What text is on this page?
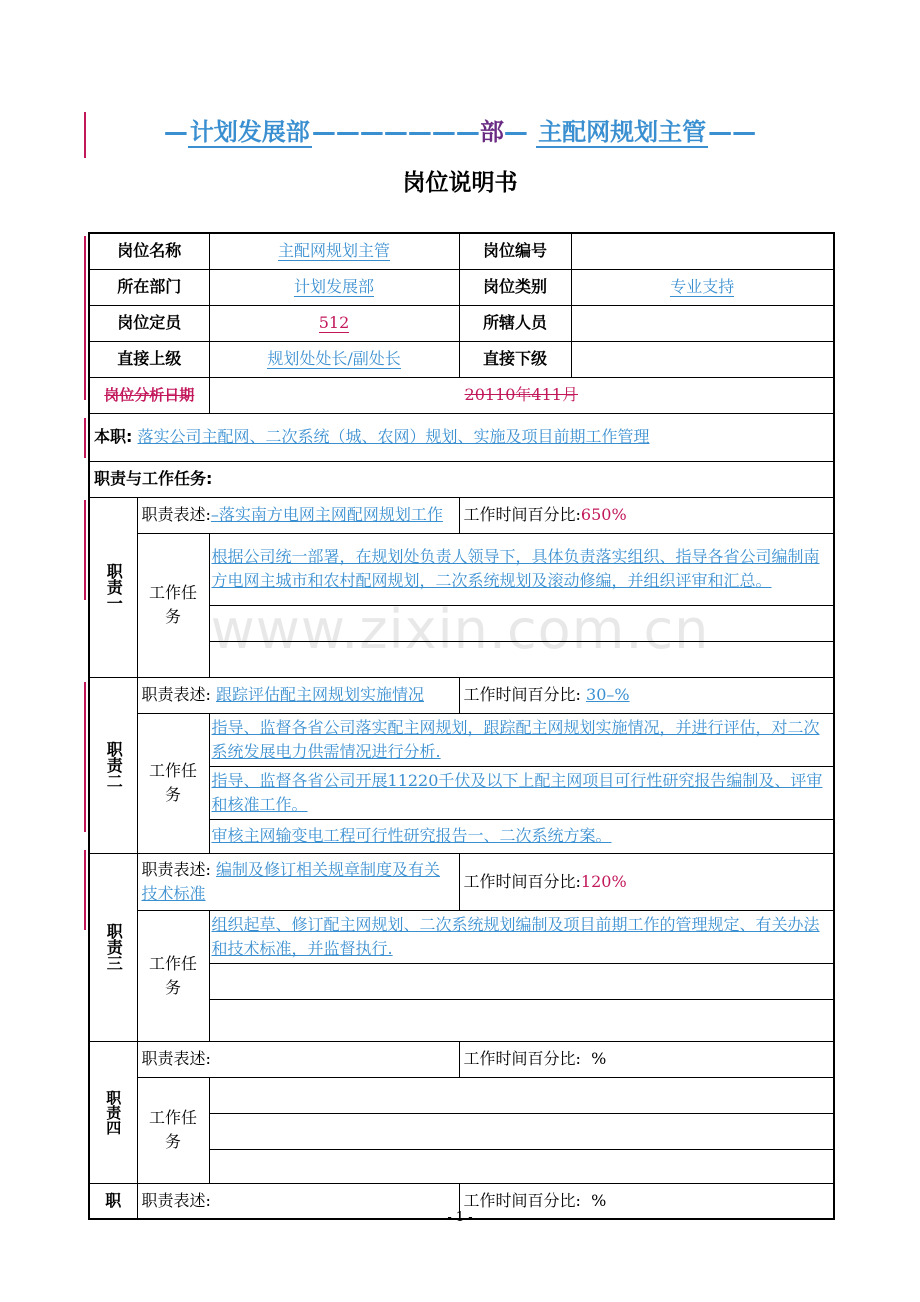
—计划发展部———————部— 主配网规划主管——
岗位说明书
www.zixin.com.cn
岗位名称		主配网规划主管	岗位编号	
所在部门		计划发展部	岗位类别	专业支持
岗位定员		512	所辖人员	
直接上级		规划处处长/副处长	直接下级	
岗位分析日期		20110年411月		
本职: 落实公司主配网、二次系统（城、农网）规划、实施及项目前期工作管理				
职责与工作任务:				
职责一	职责表述:–落实南方电网主网配网规划工作		工作时间百分比:650%	
	工作任务	根据公司统一部署，在规划处负责人领导下，具体负责落实组织、指导各省公司编制南方电网主城市和农村配网规划，二次系统规划及滚动修编，并组织评审和汇总。		

职责二	职责表述: 跟踪评估配主网规划实施情况		工作时间百分比: 30–%	
	工作任务	指导、监督各省公司落实配主网规划，跟踪配主网规划实施情况，并进行评估，对二次系统发展电力供需情况进行分析.		
		指导、监督各省公司开展11220千伏及以下上配主网项目可行性研究报告编制及、评审和核准工作。		
		审核主网输变电工程可行性研究报告一、二次系统方案。		
职责三	职责表述: 编制及修订相关规章制度及有关技术标准		工作时间百分比:120%	
	工作任务	组织起草、修订配主网规划、二次系统规划编制及项目前期工作的管理规定、有关办法和技术标准，并监督执行.		

职责四	职责表述:		工作时间百分比: %	
	工作任务			

职	职责表述:		工作时间百分比: %	
- 1 -
